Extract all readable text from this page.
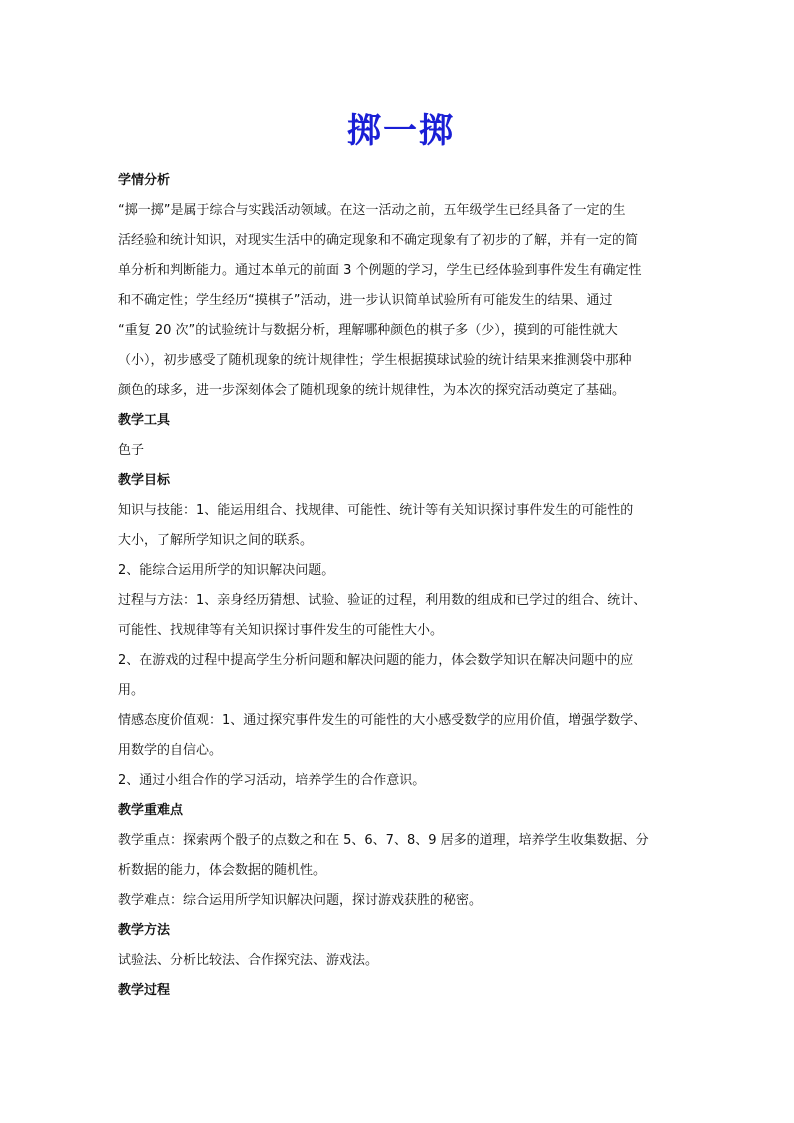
掷一掷

学情分析

“掷一掷”是属于综合与实践活动领域。在这一活动之前，五年级学生已经具备了一定的生

活经验和统计知识，对现实生活中的确定现象和不确定现象有了初步的了解，并有一定的简

单分析和判断能力。通过本单元的前面 3 个例题的学习，学生已经体验到事件发生有确定性

和不确定性；学生经历“摸棋子”活动，进一步认识简单试验所有可能发生的结果、通过

“重复 20 次”的试验统计与数据分析，理解哪种颜色的棋子多（少），摸到的可能性就大

（小），初步感受了随机现象的统计规律性；学生根据摸球试验的统计结果来推测袋中那种

颜色的球多，进一步深刻体会了随机现象的统计规律性，为本次的探究活动奠定了基础。

教学工具

色子

教学目标

知识与技能：1、能运用组合、找规律、可能性、统计等有关知识探讨事件发生的可能性的

大小，了解所学知识之间的联系。

2、能综合运用所学的知识解决问题。

过程与方法：1、亲身经历猜想、试验、验证的过程，利用数的组成和已学过的组合、统计、

可能性、找规律等有关知识探讨事件发生的可能性大小。

2、在游戏的过程中提高学生分析问题和解决问题的能力，体会数学知识在解决问题中的应

用。

情感态度价值观：1、通过探究事件发生的可能性的大小感受数学的应用价值，增强学数学、

用数学的自信心。

2、通过小组合作的学习活动，培养学生的合作意识。

教学重难点

教学重点：探索两个骰子的点数之和在 5、6、7、8、9 居多的道理，培养学生收集数据、分

析数据的能力，体会数据的随机性。

教学难点：综合运用所学知识解决问题，探讨游戏获胜的秘密。

教学方法

试验法、分析比较法、合作探究法、游戏法。

教学过程
